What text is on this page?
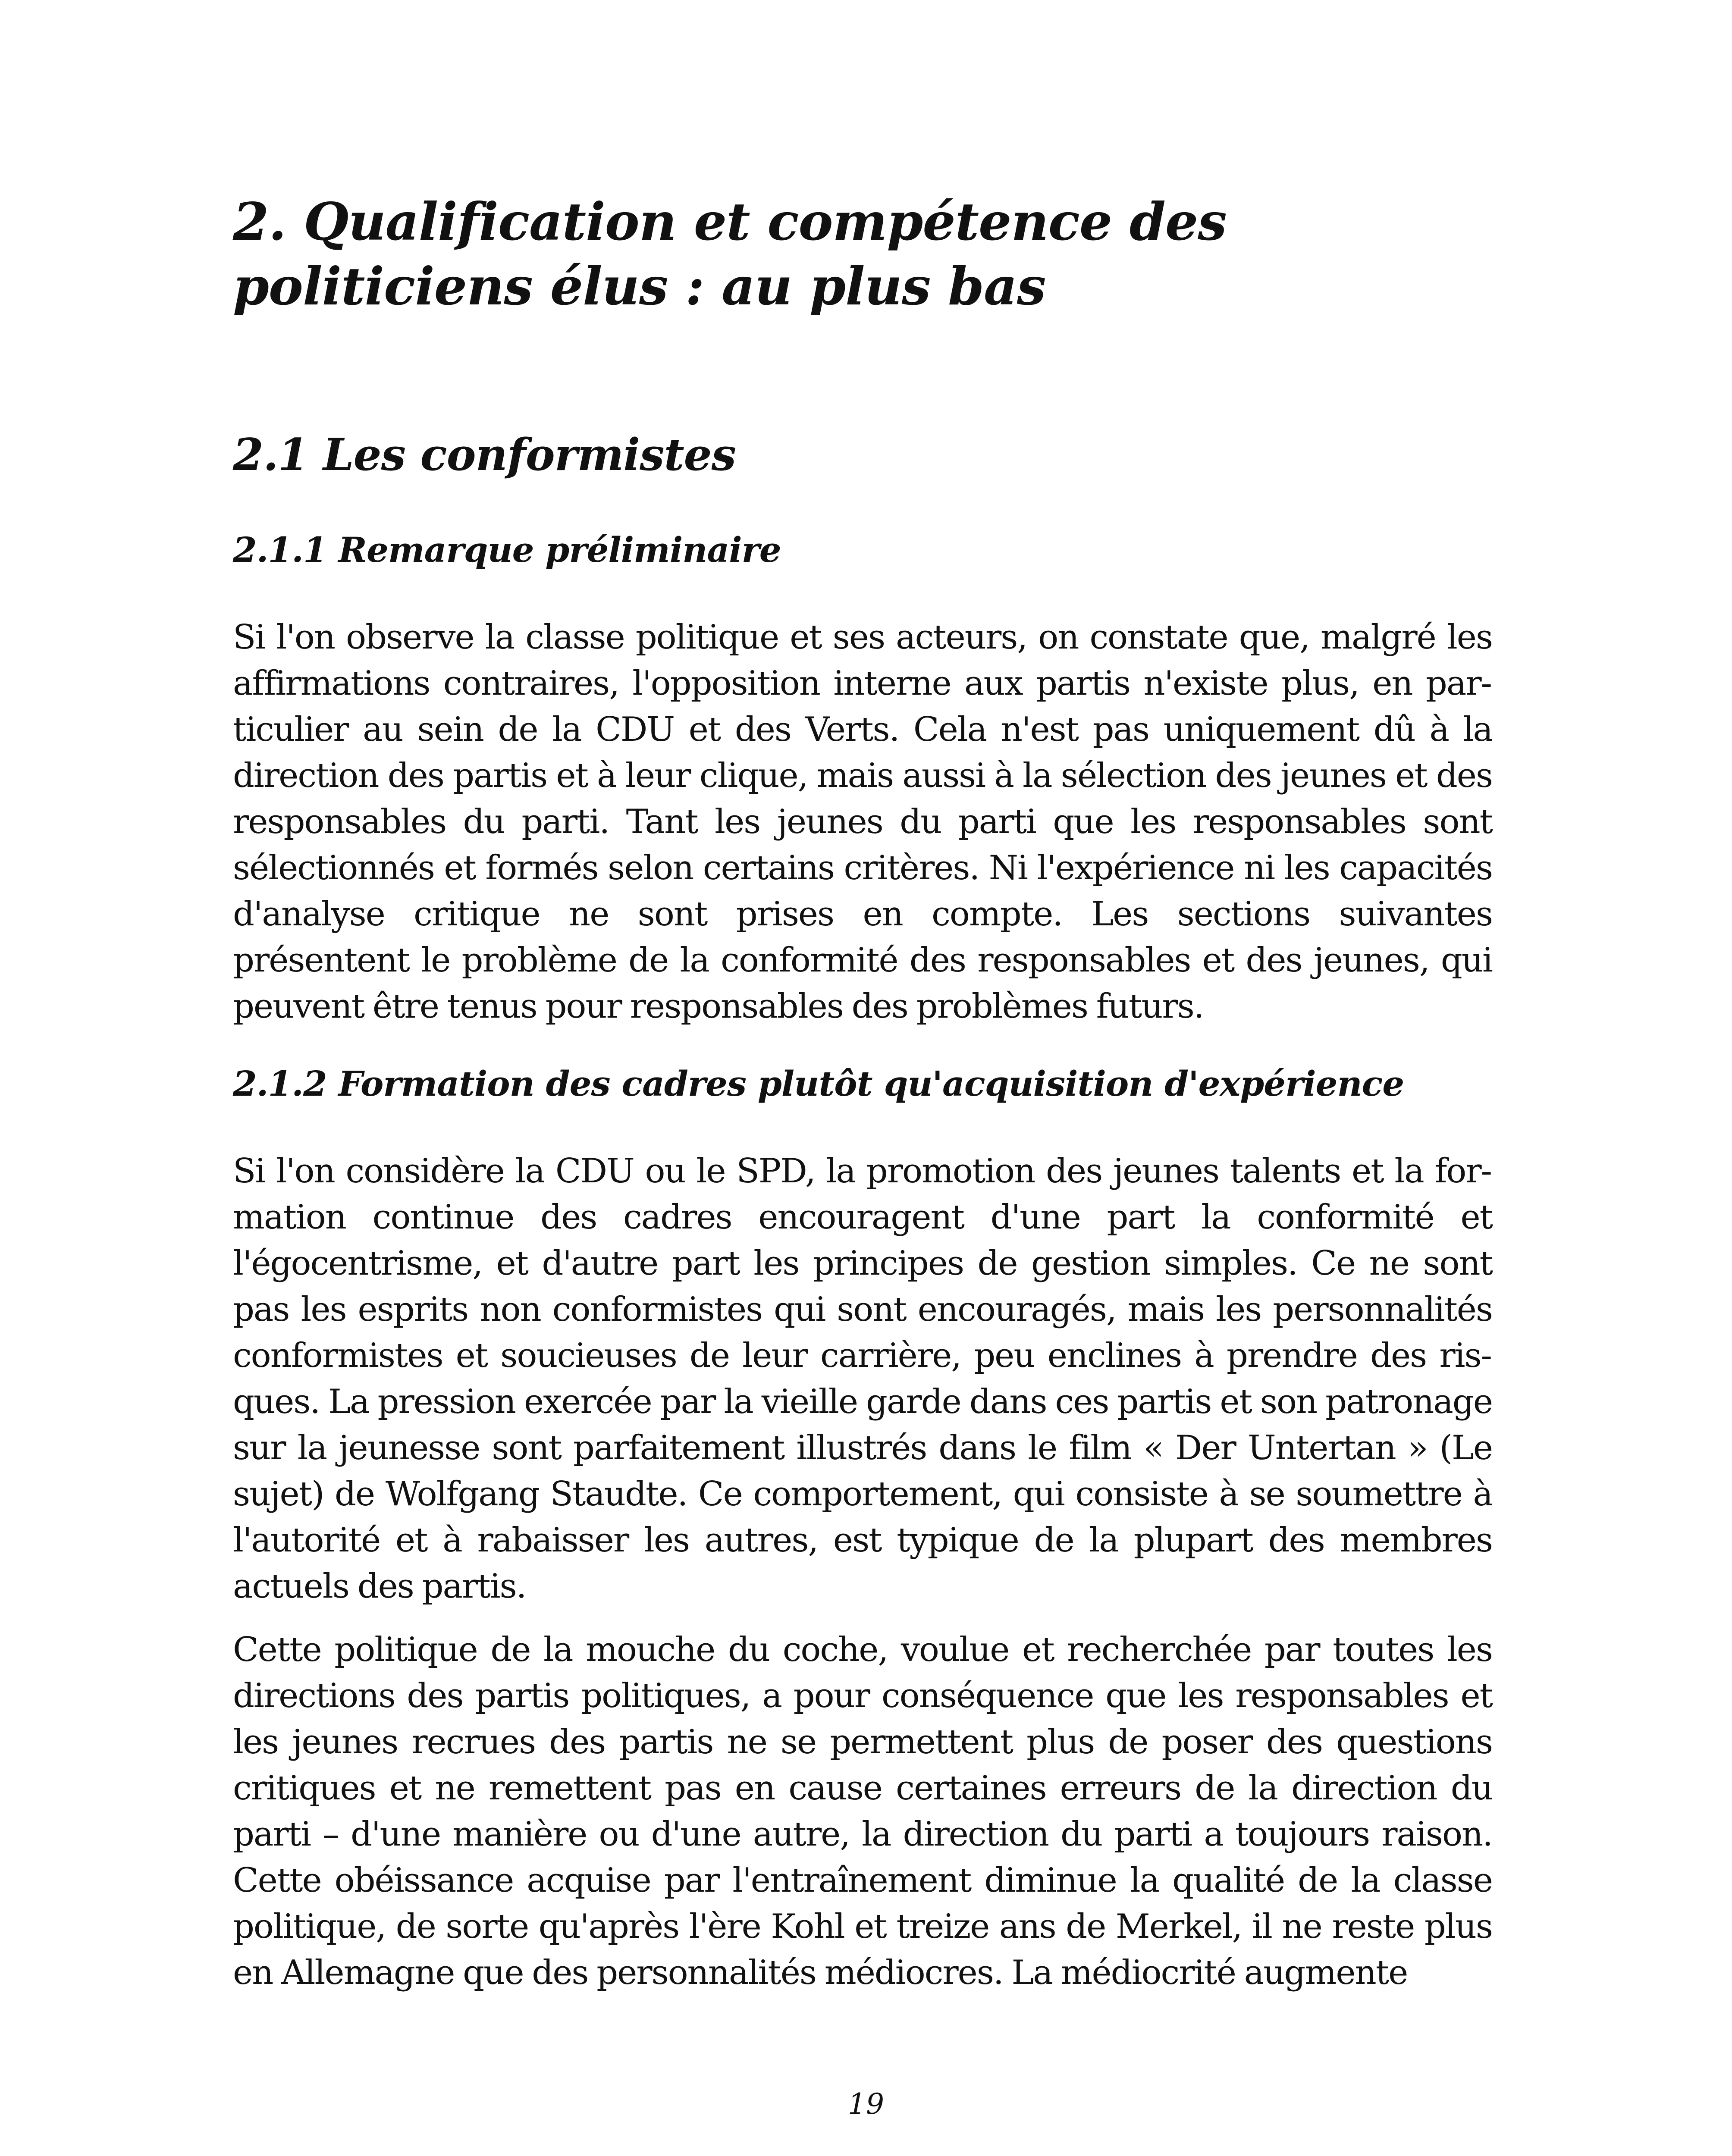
2. Qualification et compétence des politiciens élus : au plus bas
2.1 Les conformistes
2.1.1 Remarque préliminaire

Si l'on observe la classe politique et ses acteurs, on constate que, malgré les affirmations contraires, l'opposition interne aux partis n'existe plus, en particulier au sein de la CDU et des Verts. Cela n'est pas uniquement dû à la direction des partis et à leur clique, mais aussi à la sélection des jeunes et des responsables du parti. Tant les jeunes du parti que les responsables sont sélectionnés et formés selon certains critères. Ni l'expérience ni les capacités d'analyse critique ne sont prises en compte. Les sections suivantes présentent le problème de la conformité des responsables et des jeunes, qui peuvent être tenus pour responsables des problèmes futurs.

2.1.2 Formation des cadres plutôt qu'acquisition d'expérience

Si l'on considère la CDU ou le SPD, la promotion des jeunes talents et la formation continue des cadres encouragent d'une part la conformité et l'égocentrisme, et d'autre part les principes de gestion simples. Ce ne sont pas les esprits non conformistes qui sont encouragés, mais les personnalités conformistes et soucieuses de leur carrière, peu enclines à prendre des risques. La pression exercée par la vieille garde dans ces partis et son patronage sur la jeunesse sont parfaitement illustrés dans le film « Der Untertan » (Le sujet) de Wolfgang Staudte. Ce comportement, qui consiste à se soumettre à l'autorité et à rabaisser les autres, est typique de la plupart des membres actuels des partis.

Cette politique de la mouche du coche, voulue et recherchée par toutes les directions des partis politiques, a pour conséquence que les responsables et les jeunes recrues des partis ne se permettent plus de poser des questions critiques et ne remettent pas en cause certaines erreurs de la direction du parti – d'une manière ou d'une autre, la direction du parti a toujours raison. Cette obéissance acquise par l'entraînement diminue la qualité de la classe politique, de sorte qu'après l'ère Kohl et treize ans de Merkel, il ne reste plus en Allemagne que des personnalités médiocres. La médiocrité augmente

19
